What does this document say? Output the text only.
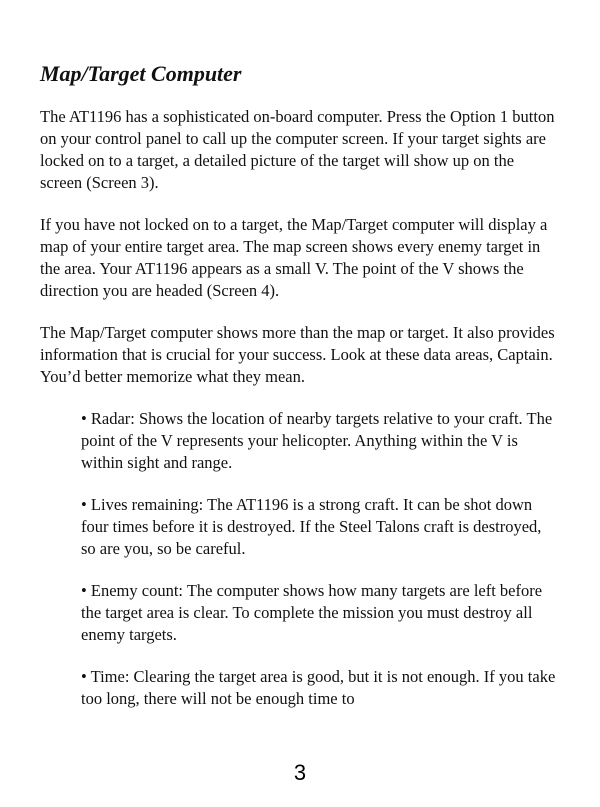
Map/Target Computer

The AT1196 has a sophisticated on-board computer. Press the Option 1 button on your control panel to call up the computer screen. If your target sights are locked on to a target, a detailed picture of the target will show up on the screen (Screen 3).

If you have not locked on to a target, the Map/Target computer will display a map of your entire target area. The map screen shows every enemy target in the area. Your AT1196 appears as a small V. The point of the V shows the direction you are headed (Screen 4).

The Map/Target computer shows more than the map or target. It also provides information that is crucial for your success. Look at these data areas, Captain. You’d better memorize what they mean.

• Radar: Shows the location of nearby targets relative to your craft. The point of the V represents your helicopter. Anything within the V is within sight and range.

• Lives remaining: The AT1196 is a strong craft. It can be shot down four times before it is destroyed. If the Steel Talons craft is destroyed, so are you, so be careful.

• Enemy count: The computer shows how many targets are left before the target area is clear. To complete the mission you must destroy all enemy targets.

• Time: Clearing the target area is good, but it is not enough. If you take too long, there will not be enough time to

3
